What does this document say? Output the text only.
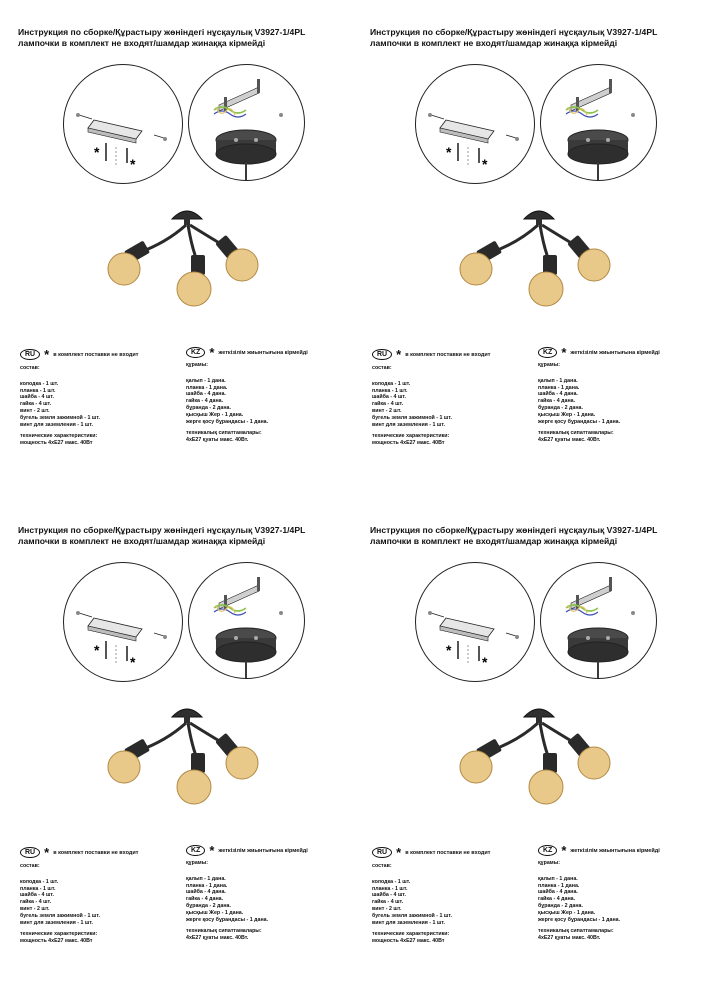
Инструкция по сборке/Құрастыру жөніндегі нұсқаулық V3927-1/4PL
лампочки в комплект не входят/шамдар жинаққа кірмейді
*
*
RU * в комплект поставки не входит	KZ * жеткізілім жиынтығына кірмейді
состав:
колодка - 1 шт.
планка - 1 шт.
шайба - 4 шт.
гайка - 4 шт.
винт - 2 шт.
бугель земля зажимной - 1 шт.
винт для заземления - 1 шт.
технические характеристики:
мощность 4хЕ27 макс. 40Вт
құрамы:
қалып - 1 дана.
планка - 1 дана.
шайба - 4 дана.
гайка - 4 дана.
бұранда - 2 дана.
қысқыш Жер - 1 дана.
жерге қосу бұрандасы - 1 дана.
техникалық сипаттамалары:
4хЕ27 қуаты макс. 40Вт.
Инструкция по сборке/Құрастыру жөніндегі нұсқаулық V3927-1/4PL
лампочки в комплект не входят/шамдар жинаққа кірмейді
*
*
RU * в комплект поставки не входит	KZ * жеткізілім жиынтығына кірмейді
состав:
колодка - 1 шт.
планка - 1 шт.
шайба - 4 шт.
гайка - 4 шт.
винт - 2 шт.
бугель земля зажимной - 1 шт.
винт для заземления - 1 шт.
технические характеристики:
мощность 4хЕ27 макс. 40Вт
құрамы:
қалып - 1 дана.
планка - 1 дана.
шайба - 4 дана.
гайка - 4 дана.
бұранда - 2 дана.
қысқыш Жер - 1 дана.
жерге қосу бұрандасы - 1 дана.
техникалық сипаттамалары:
4хЕ27 қуаты макс. 40Вт.
Инструкция по сборке/Құрастыру жөніндегі нұсқаулық V3927-1/4PL
лампочки в комплект не входят/шамдар жинаққа кірмейді
*
*
RU * в комплект поставки не входит	KZ * жеткізілім жиынтығына кірмейді
состав:
колодка - 1 шт.
планка - 1 шт.
шайба - 4 шт.
гайка - 4 шт.
винт - 2 шт.
бугель земля зажимной - 1 шт.
винт для заземления - 1 шт.
технические характеристики:
мощность 4хЕ27 макс. 40Вт
құрамы:
қалып - 1 дана.
планка - 1 дана.
шайба - 4 дана.
гайка - 4 дана.
бұранда - 2 дана.
қысқыш Жер - 1 дана.
жерге қосу бұрандасы - 1 дана.
техникалық сипаттамалары:
4хЕ27 қуаты макс. 40Вт.
Инструкция по сборке/Құрастыру жөніндегі нұсқаулық V3927-1/4PL
лампочки в комплект не входят/шамдар жинаққа кірмейді
*
*
RU * в комплект поставки не входит	KZ * жеткізілім жиынтығына кірмейді
состав:
колодка - 1 шт.
планка - 1 шт.
шайба - 4 шт.
гайка - 4 шт.
винт - 2 шт.
бугель земля зажимной - 1 шт.
винт для заземления - 1 шт.
технические характеристики:
мощность 4хЕ27 макс. 40Вт
құрамы:
қалып - 1 дана.
планка - 1 дана.
шайба - 4 дана.
гайка - 4 дана.
бұранда - 2 дана.
қысқыш Жер - 1 дана.
жерге қосу бұрандасы - 1 дана.
техникалық сипаттамалары:
4хЕ27 қуаты макс. 40Вт.
